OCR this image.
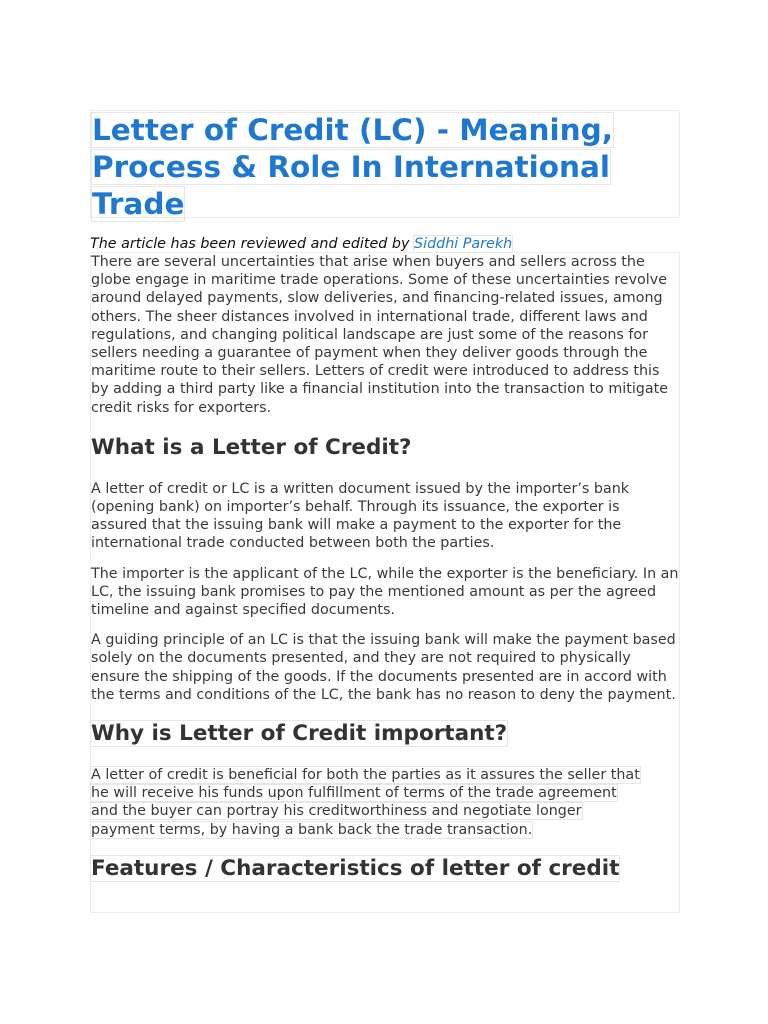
Letter of Credit (LC) - Meaning,
Process & Role In International
Trade
The article has been reviewed and edited by Siddhi Parekh

There are several uncertainties that arise when buyers and sellers across the globe engage in maritime trade operations. Some of these uncertainties revolve around delayed payments, slow deliveries, and financing-related issues, among others. The sheer distances involved in international trade, different laws and regulations, and changing political landscape are just some of the reasons for sellers needing a guarantee of payment when they deliver goods through the maritime route to their sellers. Letters of credit were introduced to address this by adding a third party like a financial institution into the transaction to mitigate credit risks for exporters.

What is a Letter of Credit?

A letter of credit or LC is a written document issued by the importer’s bank (opening bank) on importer’s behalf. Through its issuance, the exporter is assured that the issuing bank will make a payment to the exporter for the international trade conducted between both the parties.

The importer is the applicant of the LC, while the exporter is the beneficiary. In an LC, the issuing bank promises to pay the mentioned amount as per the agreed timeline and against specified documents.

A guiding principle of an LC is that the issuing bank will make the payment based solely on the documents presented, and they are not required to physically ensure the shipping of the goods. If the documents presented are in accord with the terms and conditions of the LC, the bank has no reason to deny the payment.

Why is Letter of Credit important?

A letter of credit is beneficial for both the parties as it assures the seller that
he will receive his funds upon fulfillment of terms of the trade agreement
and the buyer can portray his creditworthiness and negotiate longer
payment terms, by having a bank back the trade transaction.

Features / Characteristics of letter of credit
